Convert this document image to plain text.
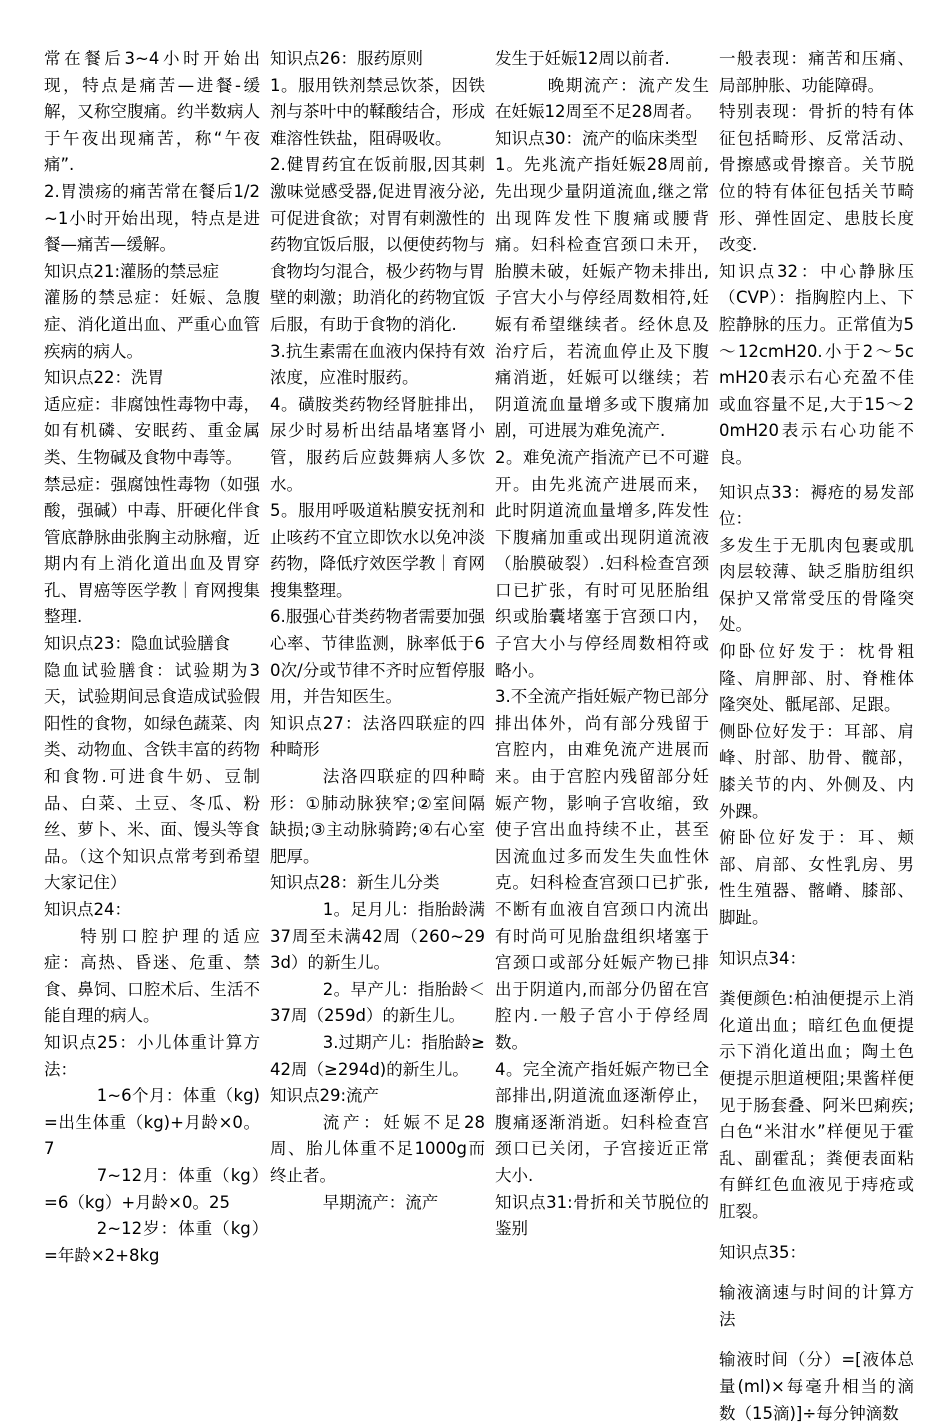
常在餐后3~4小时开始出现，特点是痛苦—进餐-缓解，又称空腹痛。约半数病人于午夜出现痛苦，称“午夜痛”.

2.胃溃疡的痛苦常在餐后1/2~1小时开始出现，特点是进餐—痛苦—缓解。

知识点21:灌肠的禁忌症

灌肠的禁忌症：妊娠、急腹症、消化道出血、严重心血管疾病的病人。

知识点22：洗胃

适应症：非腐蚀性毒物中毒，如有机磷、安眠药、重金属类、生物碱及食物中毒等。

禁忌症：强腐蚀性毒物（如强酸，强碱）中毒、肝硬化伴食管底静脉曲张胸主动脉瘤，近期内有上消化道出血及胃穿孔、胃癌等医学教｜育网搜集整理.

知识点23：隐血试验膳食

隐血试验膳食：试验期为3天，试验期间忌食造成试验假阳性的食物，如绿色蔬菜、肉类、动物血、含铁丰富的药物和食物.可进食牛奶、豆制品、白菜、土豆、冬瓜、粉丝、萝卜、米、面、馒头等食品。（这个知识点常考到希望大家记住）

知识点24：

特别口腔护理的适应症：高热、昏迷、危重、禁食、鼻饲、口腔术后、生活不能自理的病人。

知识点25：小儿体重计算方法：

1~6个月：体重（kg)=出生体重（kg)+月龄×0。7

7~12月：体重（kg）=6（kg）+月龄×0。25

2~12岁：体重（kg）=年龄×2+8kg

知识点26：服药原则

1。服用铁剂禁忌饮茶，因铁剂与茶叶中的鞣酸结合，形成难溶性铁盐，阻碍吸收。

2.健胃药宜在饭前服,因其刺激味觉感受器,促进胃液分泌,可促进食欲；对胃有刺激性的药物宜饭后服，以便使药物与食物均匀混合，极少药物与胃壁的刺激；助消化的药物宜饭后服，有助于食物的消化.

3.抗生素需在血液内保持有效浓度，应准时服药。

4。磺胺类药物经肾脏排出，尿少时易析出结晶堵塞肾小管，服药后应鼓舞病人多饮水。

5。服用呼吸道粘膜安抚剂和止咳药不宜立即饮水以免冲淡药物，降低疗效医学教｜育网搜集整理。

6.服强心苷类药物者需要加强心率、节律监测，脉率低于60次/分或节律不齐时应暂停服用，并告知医生。

知识点27：法洛四联症的四种畸形

法洛四联症的四种畸形：①肺动脉狭窄;②室间隔缺损;③主动脉骑跨;④右心室肥厚。

知识点28：新生儿分类

1。足月儿：指胎龄满37周至未满42周（260~293d）的新生儿。

2。早产儿：指胎龄＜37周（259d）的新生儿。

3.过期产儿：指胎龄≥42周（≥294d)的新生儿。

知识点29:流产

流产：妊娠不足28周、胎儿体重不足1000g而终止者。

早期流产：流产

发生于妊娠12周以前者.

晚期流产：流产发生在妊娠12周至不足28周者。

知识点30：流产的临床类型

1。先兆流产指妊娠28周前,先出现少量阴道流血,继之常出现阵发性下腹痛或腰背痛。妇科检查宫颈口未开，胎膜未破，妊娠产物未排出,子宫大小与停经周数相符,妊娠有希望继续者。经休息及治疗后，若流血停止及下腹痛消逝，妊娠可以继续；若阴道流血量增多或下腹痛加剧，可进展为难免流产.

2。难免流产指流产已不可避开。由先兆流产进展而来，此时阴道流血量增多,阵发性下腹痛加重或出现阴道流液（胎膜破裂）.妇科检查宫颈口已扩张，有时可见胚胎组织或胎囊堵塞于宫颈口内，子宫大小与停经周数相符或略小。

3.不全流产指妊娠产物已部分排出体外，尚有部分残留于宫腔内，由难免流产进展而来。由于宫腔内残留部分妊娠产物，影响子宫收缩，致使子宫出血持续不止，甚至因流血过多而发生失血性休克。妇科检查宫颈口已扩张,不断有血液自宫颈口内流出有时尚可见胎盘组织堵塞于宫颈口或部分妊娠产物已排出于阴道内,而部分仍留在宫腔内.一般子宫小于停经周数。

4。完全流产指妊娠产物已全部排出,阴道流血逐渐停止，腹痛逐渐消逝。妇科检查宫颈口已关闭，子宫接近正常大小.

知识点31:骨折和关节脱位的鉴别

一般表现：痛苦和压痛、局部肿胀、功能障碍。

特别表现：骨折的特有体征包括畸形、反常活动、骨擦感或骨擦音。关节脱位的特有体征包括关节畸形、弹性固定、患肢长度改变.

知识点32：中心静脉压（CVP）：指胸腔内上、下腔静脉的压力。正常值为5～12cmH20.小于2～5cmH20表示右心充盈不佳或血容量不足,大于15～20mH20表示右心功能不良。

知识点33：褥疮的易发部位：

多发生于无肌肉包裹或肌肉层较薄、缺乏脂肪组织保护又常常受压的骨隆突处。

仰卧位好发于：枕骨粗隆、肩胛部、肘、脊椎体隆突处、骶尾部、足跟。

侧卧位好发于：耳部、肩峰、肘部、肋骨、髋部，膝关节的内、外侧及、内外踝。

俯卧位好发于：耳、颊部、肩部、女性乳房、男性生殖器、髂嵴、膝部、脚趾。

知识点34：

粪便颜色:柏油便提示上消化道出血；暗红色血便提示下消化道出血；陶土色便提示胆道梗阻;果酱样便见于肠套叠、阿米巴痢疾;白色“米泔水”样便见于霍乱、副霍乱；粪便表面粘有鲜红色血液见于痔疮或肛裂。

知识点35：

输液滴速与时间的计算方法

输液时间（分）=[液体总量(ml)×每毫升相当的滴数（15滴)]÷每分钟滴数
